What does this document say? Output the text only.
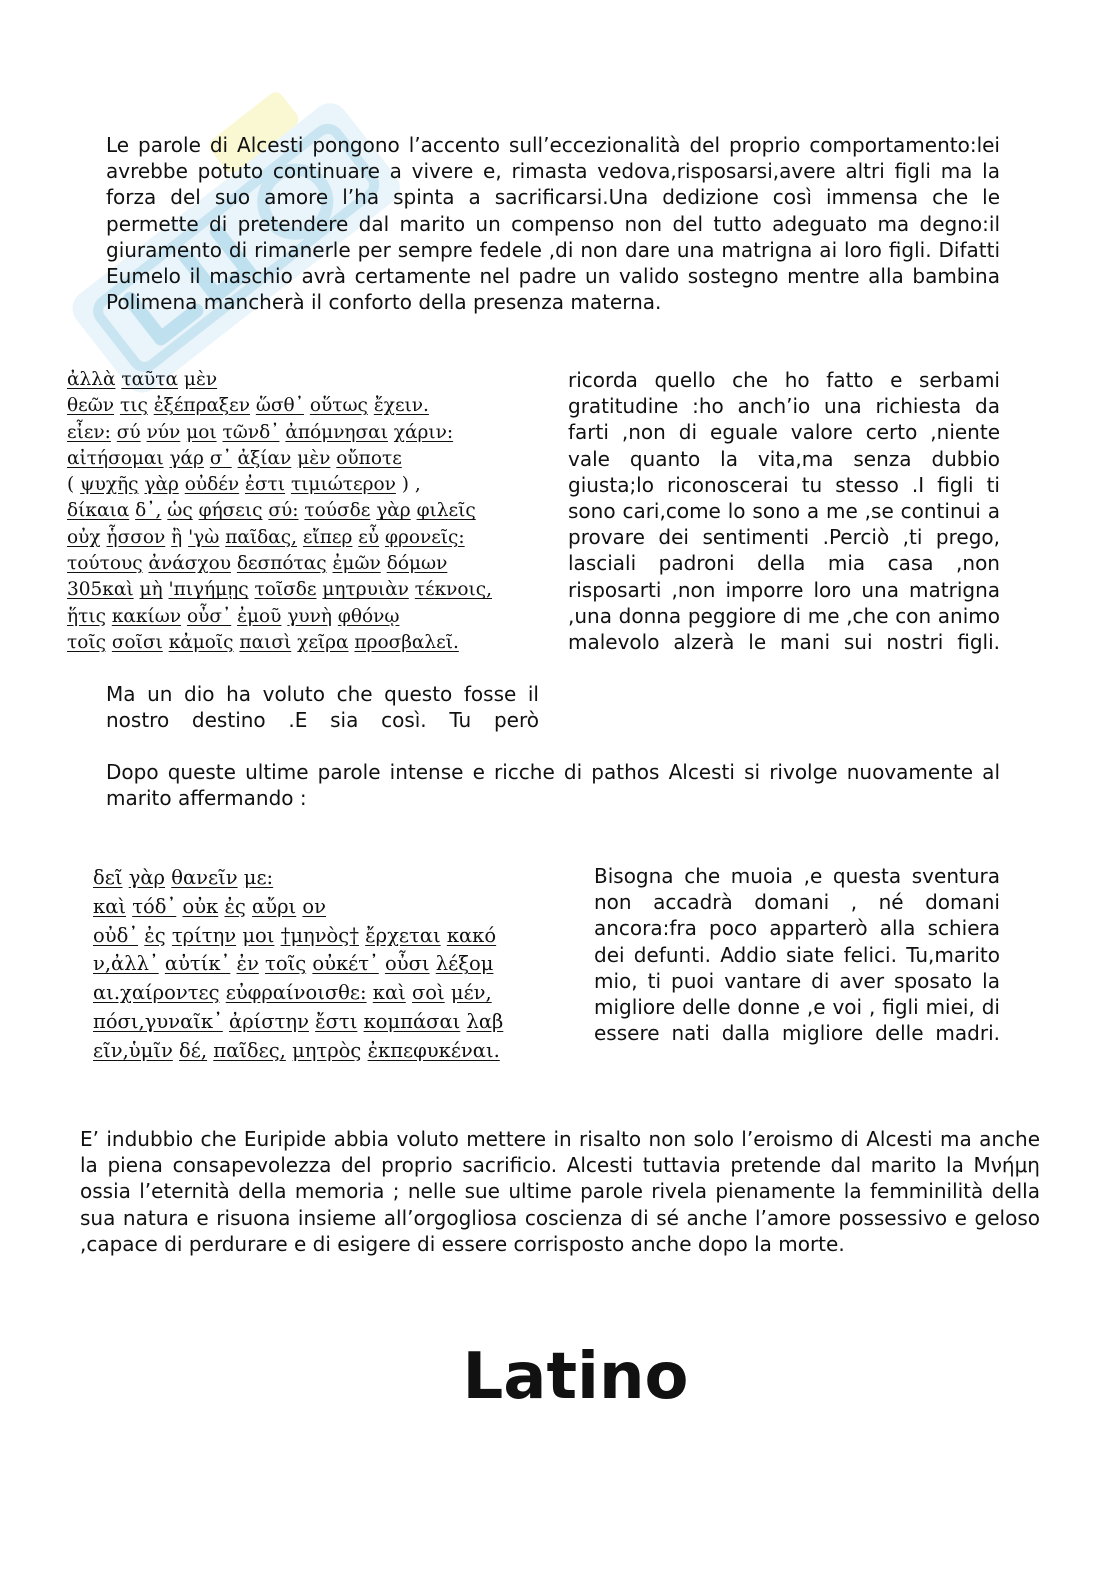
Le parole di Alcesti pongono l’accento sull’eccezionalità del proprio comportamento:lei avrebbe potuto continuare a vivere e, rimasta vedova,risposarsi,avere altri figli ma la forza del suo amore l’ha spinta a sacrificarsi.Una dedizione così immensa che le permette di pretendere dal marito un compenso non del tutto adeguato ma degno:il giuramento di rimanerle per sempre fedele ,di non dare una matrigna ai loro figli. Difatti Eumelo il maschio avrà certamente nel padre un valido sostegno mentre alla bambina Polimena mancherà il conforto della presenza materna.

ἀλλὰ ταῦτα μὲν
θεῶν τις ἐξέπραξεν ὥσθ᾽ οὕτως ἔχειν.
εἶεν: σύ νύν μοι τῶνδ᾽ ἀπόμνησαι χάριν:
αἰτήσομαι γάρ σ᾽ ἀξίαν μὲν οὔποτε
( ψυχῆς γὰρ οὐδέν ἐστι τιμιώτερον ) ,
δίκαια δ᾽, ὡς φήσεις σύ: τούσδε γὰρ φιλεῖς
οὐχ ἧσσον ἢ 'γὼ παῖδας, εἴπερ εὖ φρονεῖς:
τούτους ἀνάσχου δεσπότας ἐμῶν δόμων
305καὶ μὴ 'πιγήμῃς τοῖσδε μητρυιὰν τέκνοις,
ἥτις κακίων οὖσ᾽ ἐμοῦ γυνὴ φθόνῳ
τοῖς σοῖσι κἀμοῖς παισὶ χεῖρα προσβαλεῖ.

Ma un dio ha voluto che questo fosse il nostro destino .E sia così. Tu però

ricorda quello che ho fatto e serbami gratitudine :ho anch’io una richiesta da farti ,non di eguale valore certo ,niente vale quanto la vita,ma senza dubbio giusta;lo riconoscerai tu stesso .I figli ti sono cari,come lo sono a me ,se continui a provare dei sentimenti .Perciò ,ti prego, lasciali padroni della mia casa ,non risposarti ,non imporre loro una matrigna ,una donna peggiore di me ,che con animo malevolo alzerà le mani sui nostri figli.

Dopo queste ultime parole intense e ricche di pathos Alcesti si rivolge nuovamente al marito affermando :

δεῖ γὰρ θανεῖν με:
καὶ τόδ᾽ οὐκ ἐς αὔρι ον
οὐδ᾽ ἐς τρίτην μοι †μηνὸς† ἔρχεται κακό
ν,ἀλλ᾽ αὐτίκ᾽ ἐν τοῖς οὐκέτ᾽ οὖσι λέξομ
αι.χαίροντες εὐφραίνοισθε: καὶ σοὶ μέν,
πόσι,γυναῖκ᾽ ἀρίστην ἔστι κομπάσαι λαβ
εῖν,ὑμῖν δέ, παῖδες, μητρὸς ἐκπεφυκέναι.

Bisogna che muoia ,e questa sventura non accadrà domani , né domani ancora:fra poco apparterò alla schiera dei defunti. Addio siate felici. Tu,marito mio, ti puoi vantare di aver sposato la migliore delle donne ,e voi , figli miei, di essere nati dalla migliore delle madri.

E’ indubbio che Euripide abbia voluto mettere in risalto non solo l’eroismo di Alcesti ma anche la piena consapevolezza del proprio sacrificio. Alcesti tuttavia pretende dal marito la Μνήμη ossia l’eternità della memoria ; nelle sue ultime parole rivela pienamente la femminilità della sua natura e risuona insieme all’orgogliosa coscienza di sé anche l’amore possessivo e geloso ,capace di perdurare e di esigere di essere corrisposto anche dopo la morte.

Latino
